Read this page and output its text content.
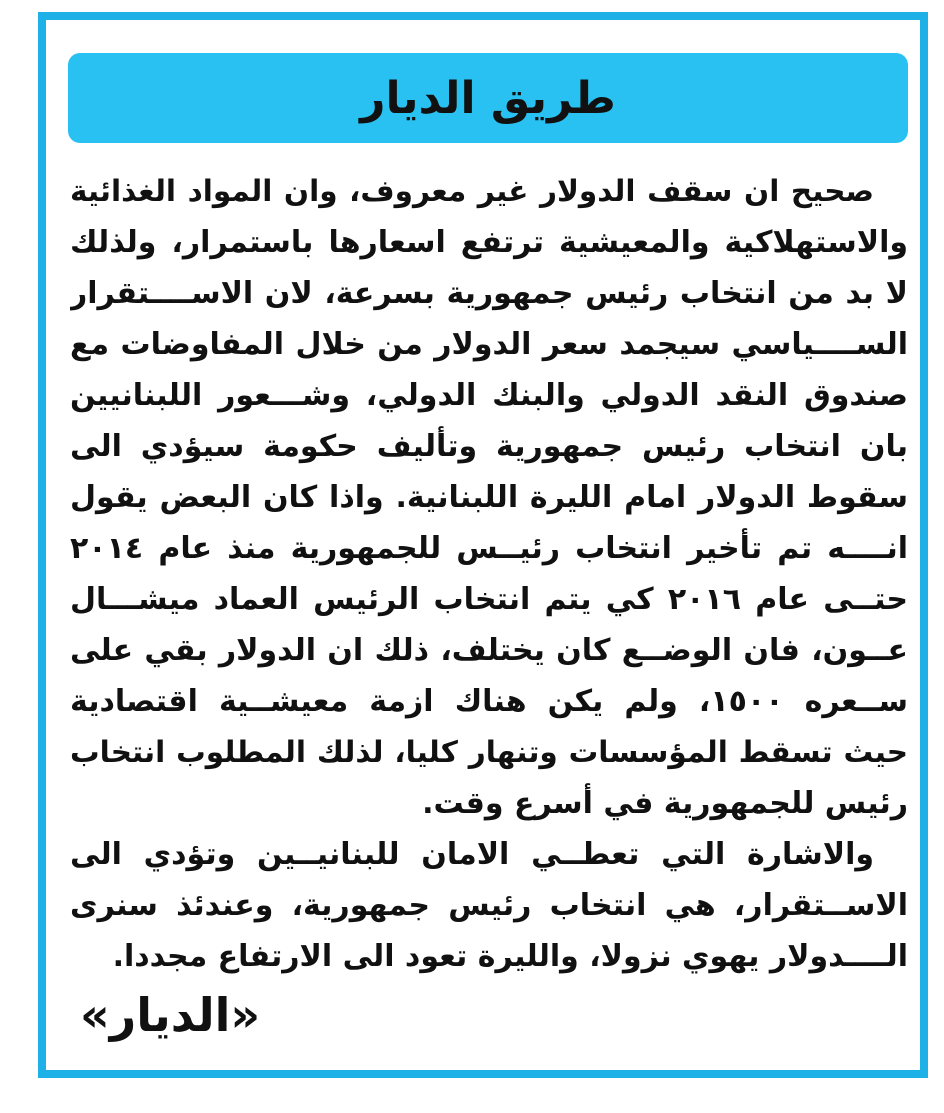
طريق الديار
صحيح ان سقف الدولار غير معروف، وان المواد الغذائية
والاستهلاكية والمعيشية ترتفع اسعارها باستمرار، ولذلك
لا بد من انتخاب رئيس جمهورية بسرعة، لان الاســــتقرار
الســــياسي سيجمد سعر الدولار من خلال المفاوضات مع
صندوق النقد الدولي والبنك الدولي، وشـــعور اللبنانيين
بان انتخاب رئيس جمهورية وتأليف حكومة سيؤدي الى
سقوط الدولار امام الليرة اللبنانية. واذا كان البعض يقول
انــــه تم تأخير انتخاب رئيــس للجمهورية منذ عام ٢٠١٤
حتــى عام ٢٠١٦ كي يتم انتخاب الرئيس العماد ميشـــال
عــون، فان الوضــع كان يختلف، ذلك ان الدولار بقي على
ســعره ١٥٠٠، ولم يكن هناك ازمة معيشــية اقتصادية
حيث تسقط المؤسسات وتنهار كليا، لذلك المطلوب انتخاب
رئيس للجمهورية في أسرع وقت.
والاشارة التي تعطــي الامان للبنانيــين وتؤدي الى
الاســتقرار، هي انتخاب رئيس جمهورية، وعندئذ سنرى
الــــدولار يهوي نزولا، والليرة تعود الى الارتفاع مجددا.
«الديار»
